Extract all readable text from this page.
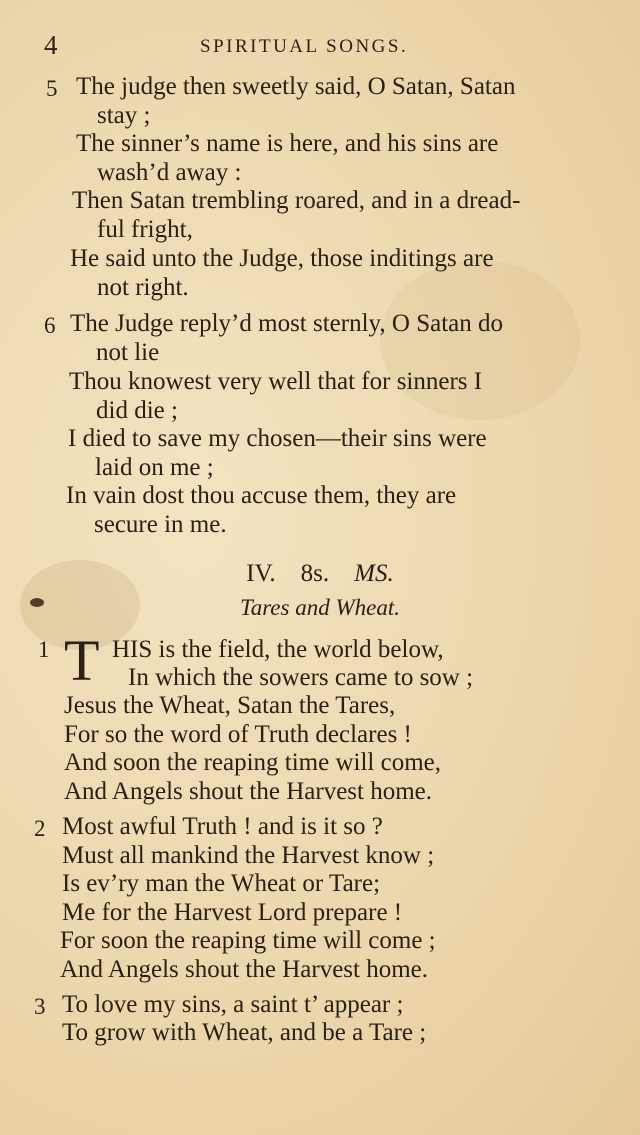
4	SPIRITUAL SONGS.
5 The judge then sweetly said, O Satan, Satan
stay ;
The sinner’s name is here, and his sins are
wash’d away :
Then Satan trembling roared, and in a dread-
ful fright,
He said unto the Judge, those inditings are
not right.
6 The Judge reply’d most sternly, O Satan do
not lie
Thou knowest very well that for sinners I
did die ;
I died to save my chosen—their sins were
laid on me ;
In vain dost thou accuse them, they are
secure in me.
IV. 8s. MS.
Tares and Wheat.
1 T HIS is the field, the world below,
In which the sowers came to sow ;
Jesus the Wheat, Satan the Tares,
For so the word of Truth declares !
And soon the reaping time will come,
And Angels shout the Harvest home.
2 Most awful Truth ! and is it so ?
Must all mankind the Harvest know ;
Is ev’ry man the Wheat or Tare;
Me for the Harvest Lord prepare !
For soon the reaping time will come ;
And Angels shout the Harvest home.
3 To love my sins, a saint t’ appear ;
To grow with Wheat, and be a Tare ;
